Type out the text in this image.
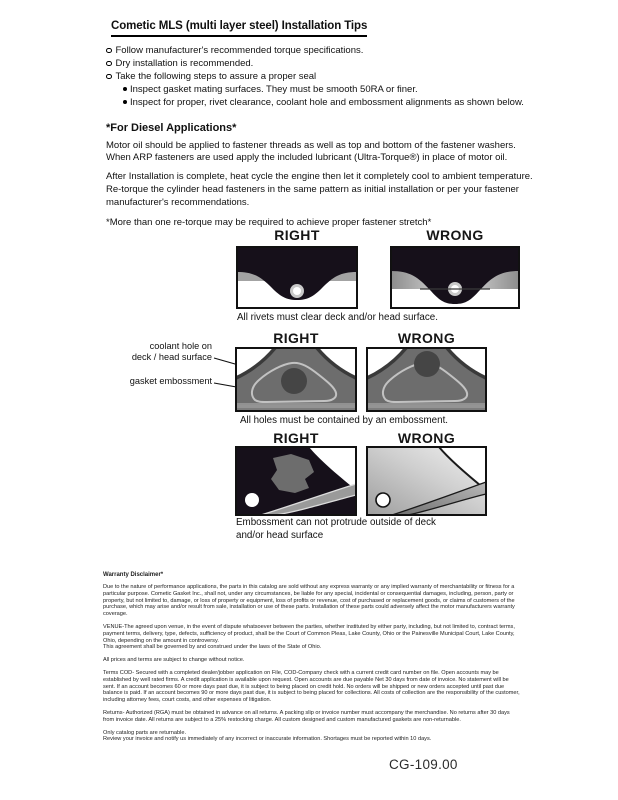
Cometic MLS (multi layer steel) Installation Tips
Follow manufacturer's recommended torque specifications.
Dry installation is recommended.
Take the following steps to assure a proper seal
Inspect gasket mating surfaces. They must be smooth 50RA or finer.
Inspect for proper, rivet clearance, coolant hole and embossment alignments as shown below.
*For Diesel Applications*

Motor oil should be applied to fastener threads as well as top and bottom of the fastener washers. When ARP fasteners are used apply the included lubricant (Ultra-Torque®) in place of motor oil.

After Installation is complete, heat cycle the engine then let it completely cool to ambient temperature. Re-torque the cylinder head fasteners in the same pattern as initial installation or per your fastener manufacturer's recommendations.

*More than one re-torque may be required to achieve proper fastener stretch*

RIGHT	WRONG
All rivets must clear deck and/or head surface.
RIGHT	WRONG
coolant hole on
deck / head surface
gasket embossment
All holes must be contained by an embossment.
RIGHT	WRONG
Embossment can not protrude outside of deck
and/or head surface
Warranty Disclaimer*

Due to the nature of performance applications, the parts in this catalog are sold without any express warranty or any implied warranty of merchantability or fitness for a particular purpose. Cometic Gasket Inc., shall not, under any circumstances, be liable for any special, incidental or consequential damages, including, person, party or property, but not limited to, damage, or loss of property or equipment, loss of profits or revenue, cost of purchased or replacement goods, or claims of customers of the purchase, which may arise and/or result from sale, installation or use of these parts. Installation of these parts could adversely affect the motor manufacturers warranty coverage.

VENUE-The agreed upon venue, in the event of dispute whatsoever between the parties, whether instituted by either party, including, but not limited to, contract terms, payment terms, delivery, type, defects, sufficiency of product, shall be the Court of Common Pleas, Lake County, Ohio or the Painesville Municipal Court, Lake County, Ohio, depending on the amount in controversy.

This agreement shall be governed by and construed under the laws of the State of Ohio.

All prices and terms are subject to change without notice.

Terms COD- Secured with a completed dealer/jobber application on File, COD-Company check with a current credit card number on file. Open accounts may be established by well rated firms. A credit application is available upon request. Open accounts are due payable Net 30 days from date of invoice. No statement will be sent. If an account becomes 60 or more days past due, it is subject to being placed on credit hold. No orders will be shipped or new orders accepted until past due balance is paid. If an account becomes 90 or more days past due, it is subject to being placed for collections. All costs of collection are the responsibility of the customer, including attorney fees, court costs, and other expenses of litigation.

Returns- Authorized (RGA) must be obtained in advance on all returns. A packing slip or invoice number must accompany the merchandise. No returns after 30 days from invoice date. All returns are subject to a 25% restocking charge. All custom designed and custom manufactured gaskets are non-returnable.

Only catalog parts are returnable.
Review your invoice and notify us immediately of any incorrect or inaccurate information. Shortages must be reported within 10 days.
CG-109.00
